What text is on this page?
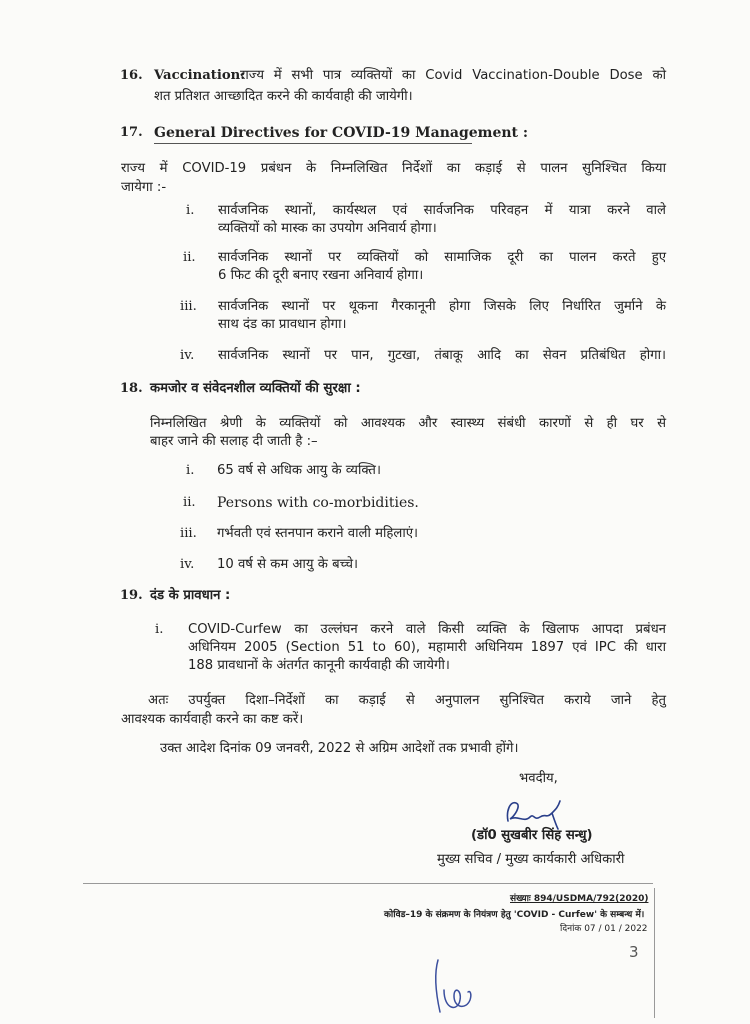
16. Vaccination:
राज्य में सभी पात्र व्यक्तियों का Covid Vaccination-Double Dose को
शत प्रतिशत आच्छादित करने की कार्यवाही की जायेगी।
17. General Directives for COVID-19 Management :
राज्य में COVID-19 प्रबंधन के निम्नलिखित निर्देशों का कड़ाई से पालन सुनिश्चित किया
जायेगा :-
i. सार्वजनिक स्थानों, कार्यस्थल एवं सार्वजनिक परिवहन में यात्रा करने वाले
व्यक्तियों को मास्क का उपयोग अनिवार्य होगा।
ii. सार्वजनिक स्थानों पर व्यक्तियों को सामाजिक दूरी का पालन करते हुए
6 फिट की दूरी बनाए रखना अनिवार्य होगा।
iii. सार्वजनिक स्थानों पर थूकना गैरकानूनी होगा जिसके लिए निर्धारित जुर्माने के
साथ दंड का प्रावधान होगा।
iv. सार्वजनिक स्थानों पर पान, गुटखा, तंबाकू आदि का सेवन प्रतिबंधित होगा।
18. कमजोर व संवेदनशील व्यक्तियों की सुरक्षा :
निम्नलिखित श्रेणी के व्यक्तियों को आवश्यक और स्वास्थ्य संबंधी कारणों से ही घर से
बाहर जाने की सलाह दी जाती है :–
i. 65 वर्ष से अधिक आयु के व्यक्ति।
ii. Persons with co-morbidities.
iii. गर्भवती एवं स्तनपान कराने वाली महिलाएं।
iv. 10 वर्ष से कम आयु के बच्चे।
19. दंड के प्रावधान :
i. COVID-Curfew का उल्लंघन करने वाले किसी व्यक्ति के खिलाफ आपदा प्रबंधन
अधिनियम 2005 (Section 51 to 60), महामारी अधिनियम 1897 एवं IPC की धारा
188 प्रावधानों के अंतर्गत कानूनी कार्यवाही की जायेगी।
अतः उपर्युक्त दिशा–निर्देशों का कड़ाई से अनुपालन सुनिश्चित कराये जाने हेतु
आवश्यक कार्यवाही करने का कष्ट करें।
उक्त आदेश दिनांक 09 जनवरी, 2022 से अग्रिम आदेशों तक प्रभावी होंगे।
भवदीय,
(डॉ0 सुखबीर सिंह सन्धु)
मुख्य सचिव / मुख्य कार्यकारी अधिकारी
संख्याः 894/USDMA/792(2020)
कोविड–19 के संक्रमण के नियंत्रण हेतु 'COVID - Curfew' के सम्बन्ध में।
दिनांक 07 / 01 / 2022
3
